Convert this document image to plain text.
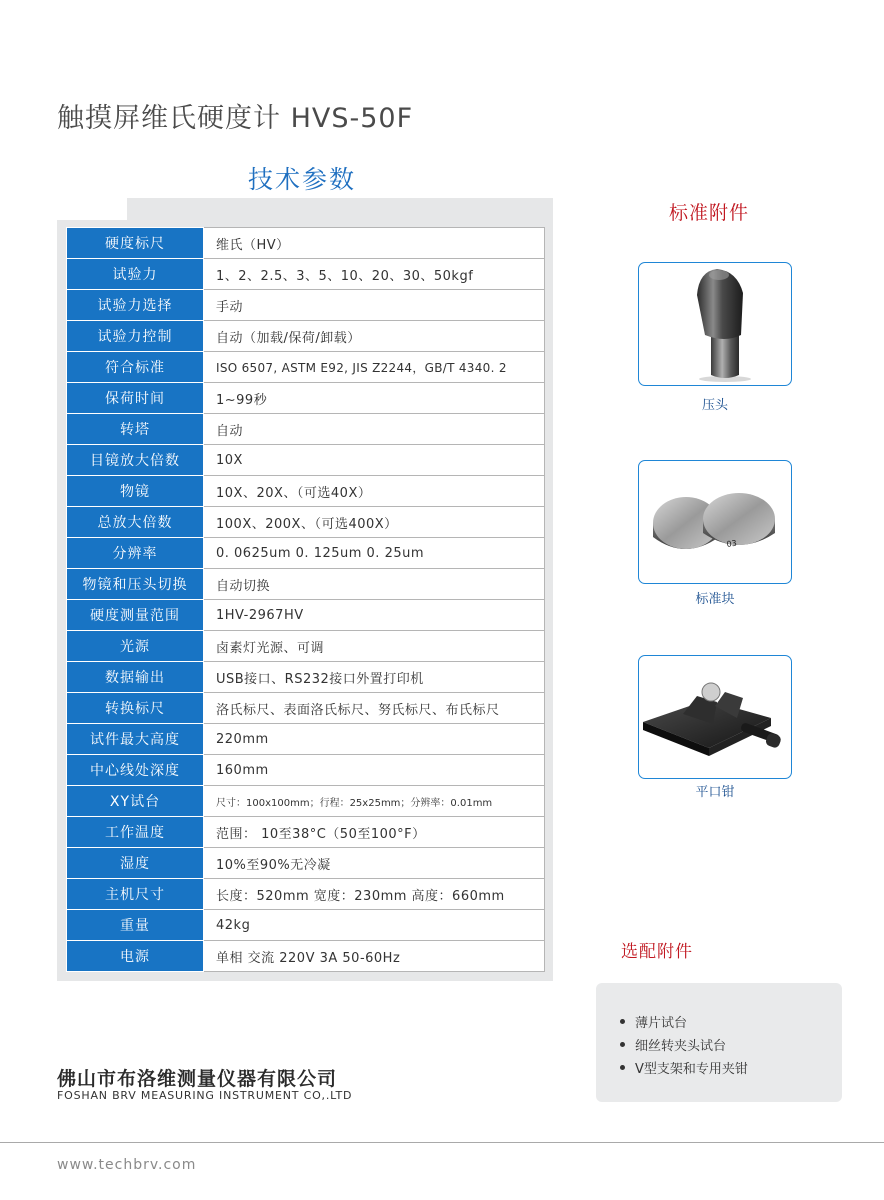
触摸屏维氏硬度计 HVS-50F
技术参数
硬度标尺	维氏（HV）
试验力	1、2、2.5、3、5、10、20、30、50kgf
试验力选择	手动
试验力控制	自动（加载/保荷/卸载）
符合标准	ISO 6507, ASTM E92, JIS Z2244，GB/T 4340. 2
保荷时间	1~99秒
转塔	自动
目镜放大倍数	10X
物镜	10X、20X、（可选40X）
总放大倍数	100X、200X、（可选400X）
分辨率	0. 0625um 0. 125um 0. 25um
物镜和压头切换	自动切换
硬度测量范围	1HV-2967HV
光源	卤素灯光源、可调
数据输出	USB接口、RS232接口外置打印机
转换标尺	洛氏标尺、表面洛氏标尺、努氏标尺、布氏标尺
试件最大高度	220mm
中心线处深度	160mm
XY试台	尺寸：100x100mm；行程：25x25mm；分辨率：0.01mm
工作温度	范围： 10至38°C（50至100°F）
湿度	10%至90%无冷凝
主机尺寸	长度：520mm 宽度：230mm 高度：660mm
重量	42kg
电源	单相 交流 220V 3A 50-60Hz
标准附件
压头
03
标准块
平口钳
选配附件
薄片试台
细丝转夹头试台
V型支架和专用夹钳
佛山市布洛维测量仪器有限公司
FOSHAN BRV MEASURING INSTRUMENT CO,.LTD
www.techbrv.com
